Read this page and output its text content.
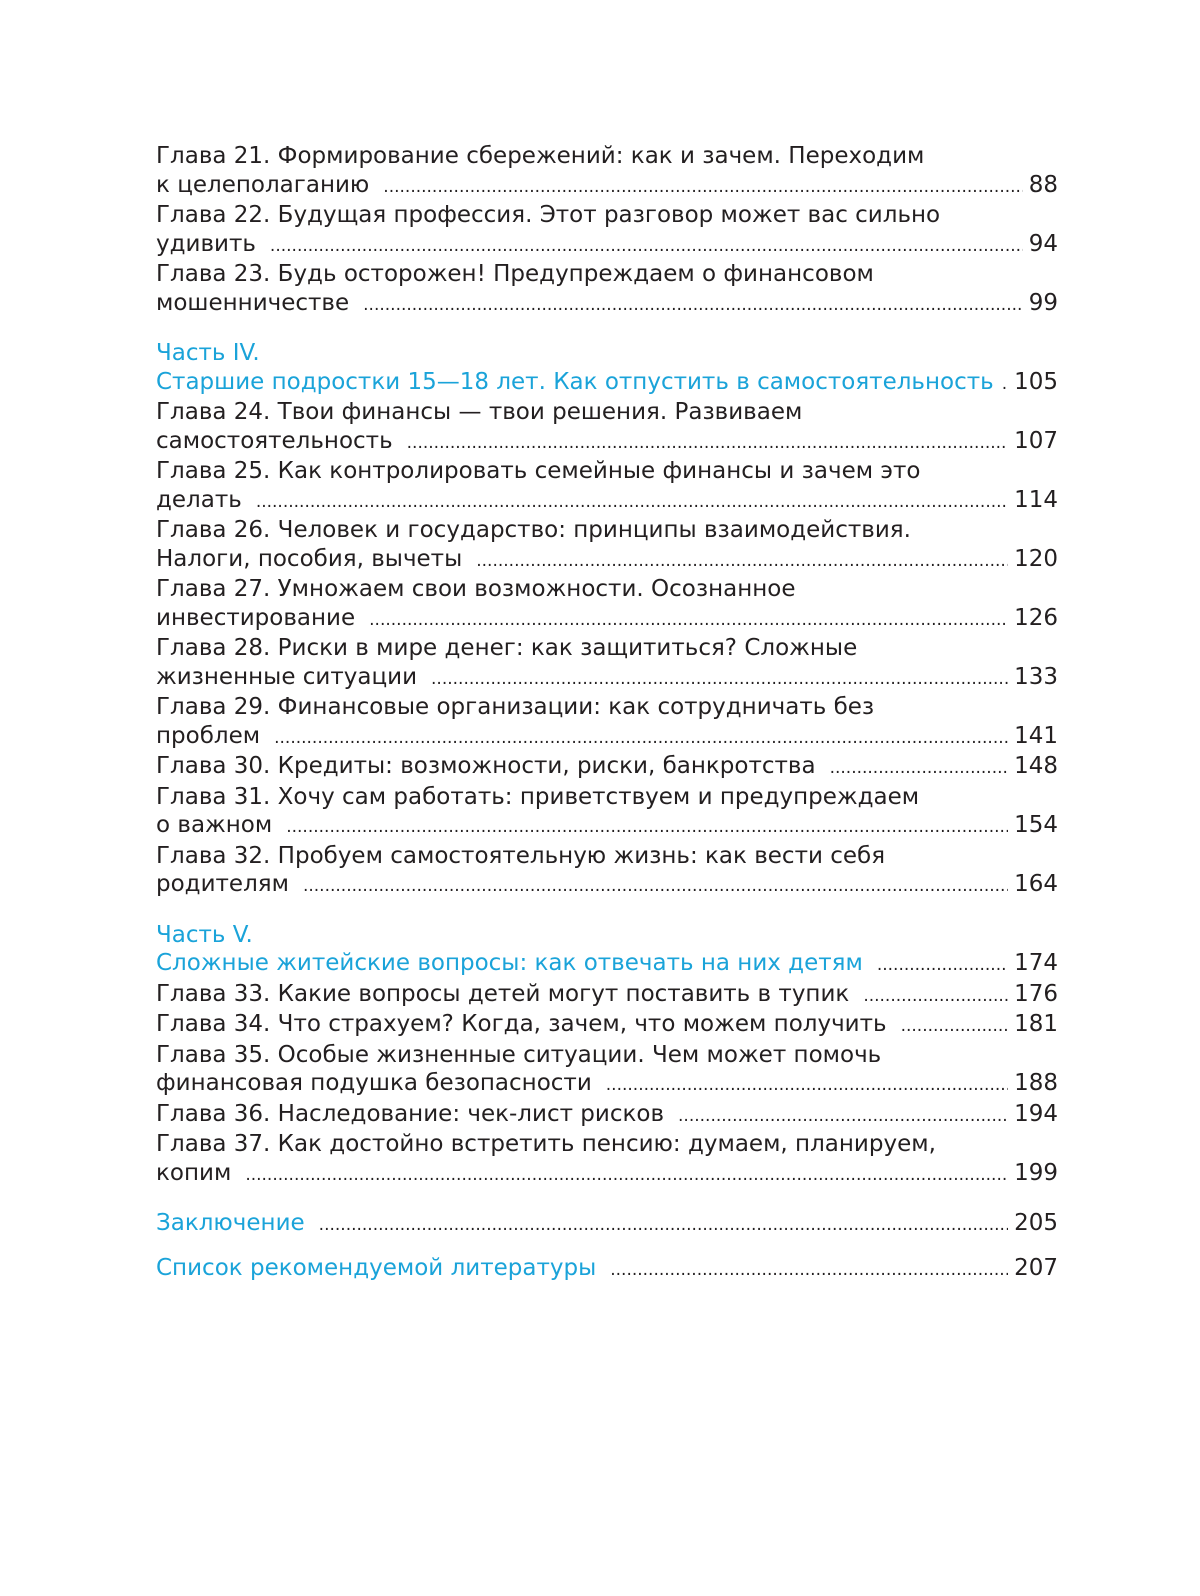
Глава 21. Формирование сбережений: как и зачем. Переходим
к целеполаганию .....	88
Глава 22. Будущая профессия. Этот разговор может вас сильно
удивить .....	94
Глава 23. Будь осторожен! Предупреждаем о финансовом
мошенничестве .....	99
Часть IV.
Старшие подростки 15—18 лет. Как отпустить в самостоятельность ..... 105
Глава 24. Твои финансы — твои решения. Развиваем
самостоятельность .....	107
Глава 25. Как контролировать семейные финансы и зачем это
делать .....	114
Глава 26. Человек и государство: принципы взаимодействия.
Налоги, пособия, вычеты .....	120
Глава 27. Умножаем свои возможности. Осознанное
инвестирование .....	126
Глава 28. Риски в мире денег: как защититься? Сложные
жизненные ситуации .....	133
Глава 29. Финансовые организации: как сотрудничать без
проблем .....	141
Глава 30. Кредиты: возможности, риски, банкротства .....	148
Глава 31. Хочу сам работать: приветствуем и предупреждаем
о важном .....	154
Глава 32. Пробуем самостоятельную жизнь: как вести себя
родителям .....	164
Часть V.
Сложные житейские вопросы: как отвечать на них детям .....	174
Глава 33. Какие вопросы детей могут поставить в тупик .....	176
Глава 34. Что страхуем? Когда, зачем, что можем получить .....	181
Глава 35. Особые жизненные ситуации. Чем может помочь
финансовая подушка безопасности .....	188
Глава 36. Наследование: чек-лист рисков .....	194
Глава 37. Как достойно встретить пенсию: думаем, планируем,
копим .....	199
Заключение .....	205
Список рекомендуемой литературы .....	207
